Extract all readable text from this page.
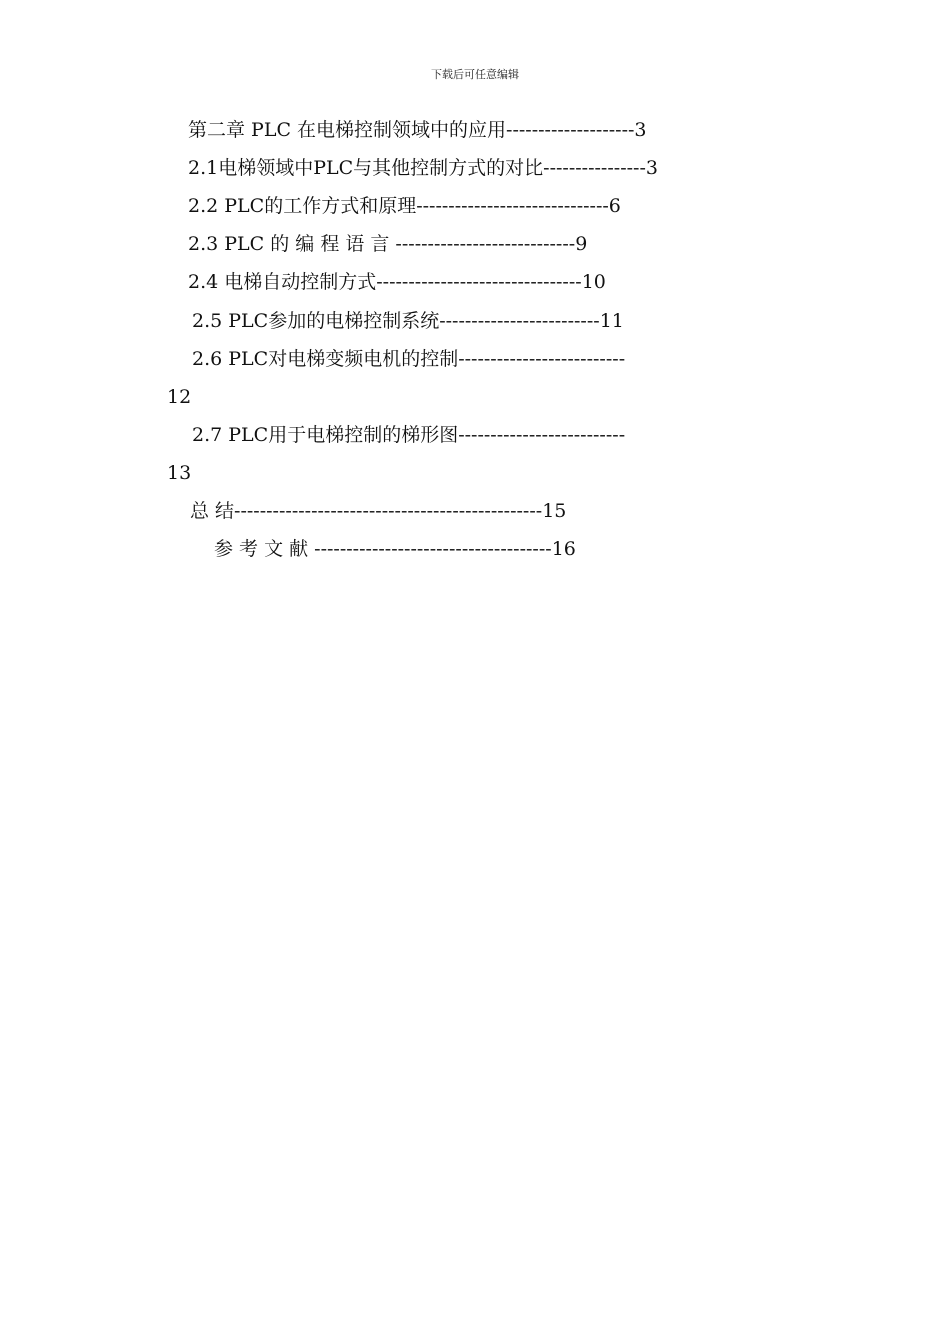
下载后可任意编辑
第二章 PLC 在电梯控制领域中的应用--------------------3
2.1电梯领域中PLC与其他控制方式的对比----------------3
2.2 PLC的工作方式和原理------------------------------6
2.3 PLC 的 编 程 语 言 ----------------------------9
2.4 电梯自动控制方式--------------------------------10
2.5 PLC参加的电梯控制系统-------------------------11
2.6 PLC对电梯变频电机的控制--------------------------
12
2.7 PLC用于电梯控制的梯形图--------------------------
13
总 结------------------------------------------------15
参 考 文 献 -------------------------------------16
